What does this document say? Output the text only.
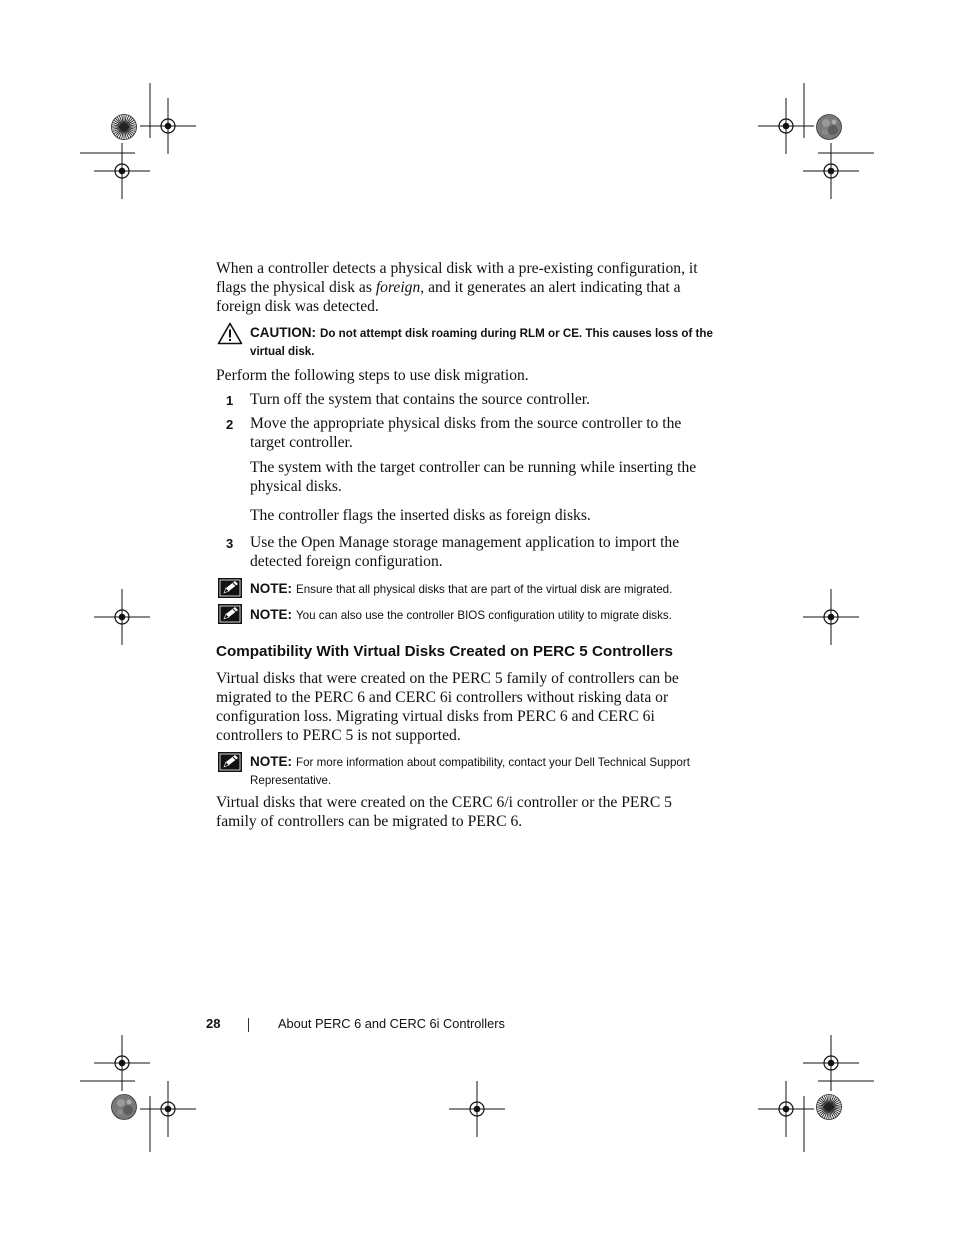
When a controller detects a physical disk with a pre-existing configuration, it flags the physical disk as foreign, and it generates an alert indicating that a foreign disk was detected.

CAUTION: Do not attempt disk roaming during RLM or CE. This causes loss of the virtual disk.

Perform the following steps to use disk migration.

1 Turn off the system that contains the source controller.
2 Move the appropriate physical disks from the source controller to the target controller.
The system with the target controller can be running while inserting the physical disks.
The controller flags the inserted disks as foreign disks.
3 Use the Open Manage storage management application to import the detected foreign configuration.
NOTE: Ensure that all physical disks that are part of the virtual disk are migrated.
NOTE: You can also use the controller BIOS configuration utility to migrate disks.
Compatibility With Virtual Disks Created on PERC 5 Controllers

Virtual disks that were created on the PERC 5 family of controllers can be migrated to the PERC 6 and CERC 6i controllers without risking data or configuration loss. Migrating virtual disks from PERC 6 and CERC 6i controllers to PERC 5 is not supported.

NOTE: For more information about compatibility, contact your Dell Technical Support Representative.

Virtual disks that were created on the CERC 6/i controller or the PERC 5 family of controllers can be migrated to PERC 6.

28	About PERC 6 and CERC 6i Controllers
